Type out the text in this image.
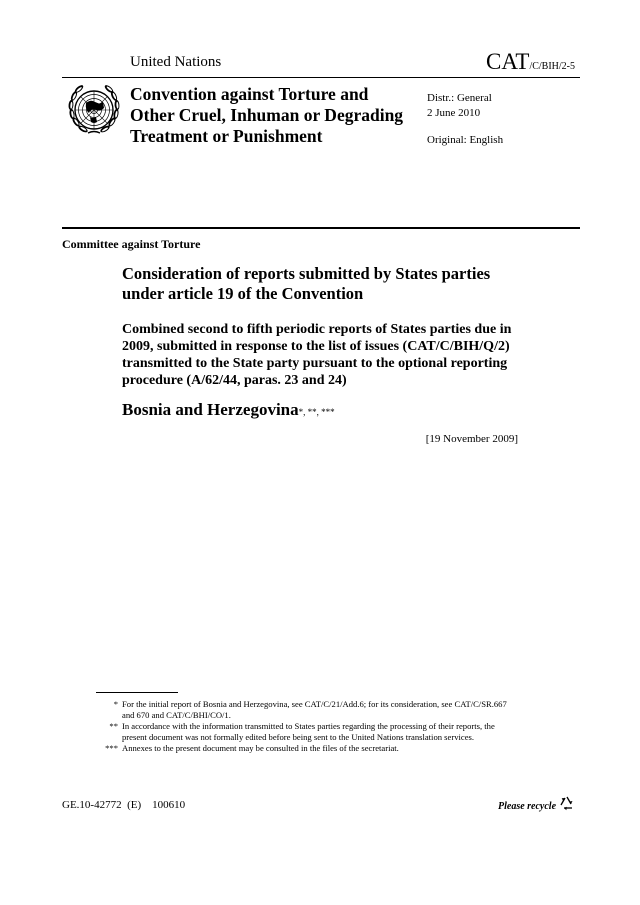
United Nations	CAT/C/BIH/2-5
Convention against Torture and Other Cruel, Inhuman or Degrading Treatment or Punishment
Distr.: General
2 June 2010
Original: English
Committee against Torture
Consideration of reports submitted by States parties under article 19 of the Convention
Combined second to fifth periodic reports of States parties due in 2009, submitted in response to the list of issues (CAT/C/BIH/Q/2) transmitted to the State party pursuant to the optional reporting procedure (A/62/44, paras. 23 and 24)
Bosnia and Herzegovina*, **, ***
[19 November 2009]
* For the initial report of Bosnia and Herzegovina, see CAT/C/21/Add.6; for its consideration, see CAT/C/SR.667 and 670 and CAT/C/BHI/CO/1.
** In accordance with the information transmitted to States parties regarding the processing of their reports, the present document was not formally edited before being sent to the United Nations translation services.
*** Annexes to the present document may be consulted in the files of the secretariat.
GE.10-42772  (E)    100610	Please recycle
